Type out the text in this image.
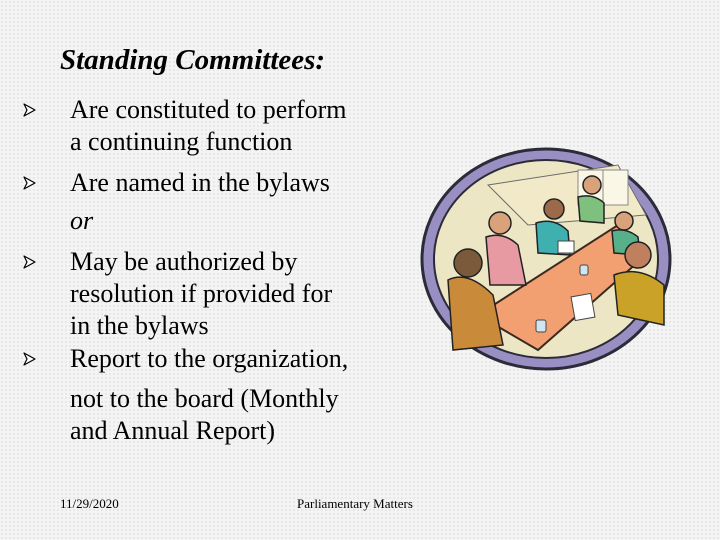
Standing Committees:
Are constituted to perform
a continuing function
Are named in the bylaws
or
May be authorized by
resolution if provided for
in the bylaws
Report to the organization,
not to the board (Monthly
and Annual Report)
11/29/2020	Parliamentary Matters
